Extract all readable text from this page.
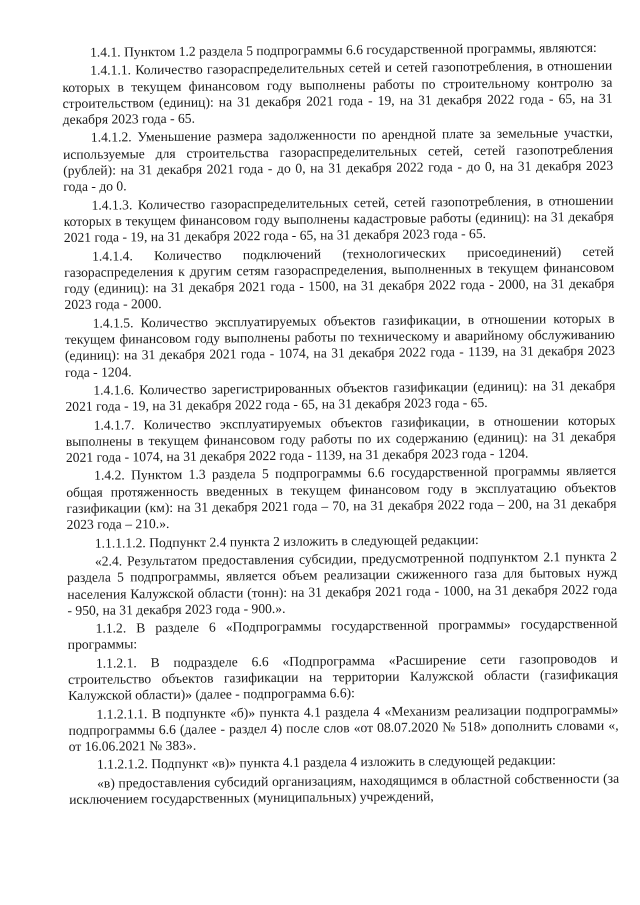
1.4.1. Пунктом 1.2 раздела 5 подпрограммы 6.6 государственной программы, являются:

1.4.1.1. Количество газораспределительных сетей и сетей газопотребления, в отношении которых в текущем финансовом году выполнены работы по строительному контролю за строительством (единиц): на 31 декабря 2021 года - 19, на 31 декабря 2022 года - 65, на 31 декабря 2023 года - 65.

1.4.1.2. Уменьшение размера задолженности по арендной плате за земельные участки, используемые для строительства газораспределительных сетей, сетей газопотребления (рублей): на 31 декабря 2021 года - до 0, на 31 декабря 2022 года - до 0, на 31 декабря 2023 года - до 0.

1.4.1.3. Количество газораспределительных сетей, сетей газопотребления, в отношении которых в текущем финансовом году выполнены кадастровые работы (единиц): на 31 декабря 2021 года - 19, на 31 декабря 2022 года - 65, на 31 декабря 2023 года - 65.

1.4.1.4. Количество подключений (технологических присоединений) сетей газораспределения к другим сетям газораспределения, выполненных в текущем финансовом году (единиц): на 31 декабря 2021 года - 1500, на 31 декабря 2022 года - 2000, на 31 декабря 2023 года - 2000.

1.4.1.5. Количество эксплуатируемых объектов газификации, в отношении которых в текущем финансовом году выполнены работы по техническому и аварийному обслуживанию (единиц): на 31 декабря 2021 года - 1074, на 31 декабря 2022 года - 1139, на 31 декабря 2023 года - 1204.

1.4.1.6. Количество зарегистрированных объектов газификации (единиц): на 31 декабря 2021 года - 19, на 31 декабря 2022 года - 65, на 31 декабря 2023 года - 65.

1.4.1.7. Количество эксплуатируемых объектов газификации, в отношении которых выполнены в текущем финансовом году работы по их содержанию (единиц): на 31 декабря 2021 года - 1074, на 31 декабря 2022 года - 1139, на 31 декабря 2023 года - 1204.

1.4.2. Пунктом 1.3 раздела 5 подпрограммы 6.6 государственной программы является общая протяженность введенных в текущем финансовом году в эксплуатацию объектов газификации (км): на 31 декабря 2021 года – 70, на 31 декабря 2022 года – 200, на 31 декабря 2023 года – 210.».

1.1.1.1.2. Подпункт 2.4 пункта 2 изложить в следующей редакции:

«2.4. Результатом предоставления субсидии, предусмотренной подпунктом 2.1 пункта 2 раздела 5 подпрограммы, является объем реализации сжиженного газа для бытовых нужд населения Калужской области (тонн): на 31 декабря 2021 года - 1000, на 31 декабря 2022 года - 950, на 31 декабря 2023 года - 900.».

1.1.2. В разделе 6 «Подпрограммы государственной программы» государственной программы:

1.1.2.1. В подразделе 6.6 «Подпрограмма «Расширение сети газопроводов и строительство объектов газификации на территории Калужской области (газификация Калужской области)» (далее - подпрограмма 6.6):

1.1.2.1.1. В подпункте «б)» пункта 4.1 раздела 4 «Механизм реализации подпрограммы» подпрограммы 6.6 (далее - раздел 4) после слов «от 08.07.2020 № 518» дополнить словами «, от 16.06.2021 № 383».

1.1.2.1.2. Подпункт «в)» пункта 4.1 раздела 4 изложить в следующей редакции:

«в) предоставления субсидий организациям, находящимся в областной собственности (за исключением государственных (муниципальных) учреждений,
